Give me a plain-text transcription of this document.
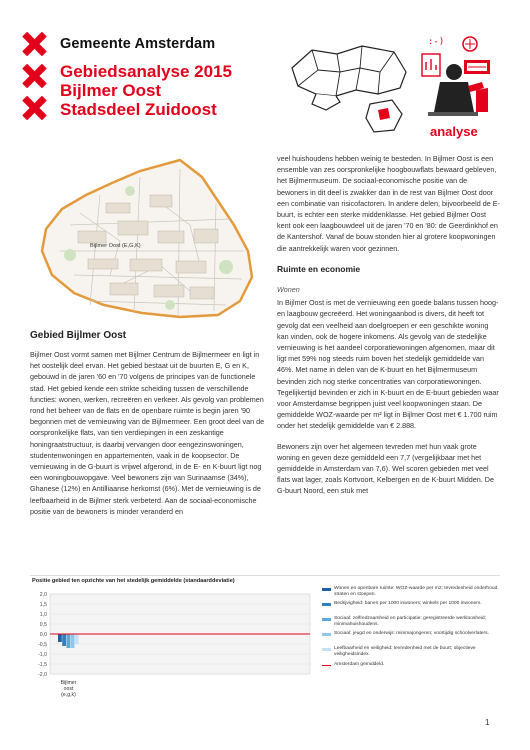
Gemeente Amsterdam
Gebiedsanalyse 2015
Bijlmer Oost
Stadsdeel Zuidoost
:-)
analyse
Bijlmer Oost (E,G,K)
Gebied Bijlmer Oost

Bijlmer Oost vormt samen met Bijlmer Centrum de Bijlmermeer en ligt in het oostelijk deel ervan. Het gebied bestaat uit de buurten E, G en K, gebouwd in de jaren '60 en '70 volgens de principes van de functionele stad. Het gebied kende een strikte scheiding tussen de verschillende functies: wonen, werken, recreëren en verkeer. Als gevolg van problemen rond het beheer van de flats en de openbare ruimte is begin jaren '90 begonnen met de vernieuwing van de Bijlmermeer. Een groot deel van de oorspronkelijke flats, van tien verdiepingen in een zeskantige honingraatstructuur, is daarbij vervangen door eengezinswoningen, studentenwoningen en appartementen, vaak in de koopsector. De vernieuwing in de G-buurt is vrijwel afgerond, in de E- en K-buurt ligt nog een woningbouwopgave. Veel bewoners zijn van Surinaamse (34%), Ghanese (12%) en Antilliaanse herkomst (6%). Met de vernieuwing is de leefbaarheid in de Bijlmer sterk verbeterd. Aan de sociaal-economische positie van de bewoners is minder veranderd en

veel huishoudens hebben weinig te besteden. In Bijlmer Oost is een ensemble van zes oorspronkelijke hoogbouwflats bewaard gebleven, het Bijlmermuseum. De sociaal-economische positie van de bewoners in dit deel is zwakker dan in de rest van Bijlmer Oost door een combinatie van risicofactoren. In andere delen, bijvoorbeeld de E-buurt, is echter een sterke middenklasse. Het gebied Bijlmer Oost kent ook een laagbouwdeel uit de jaren '70 en '80: de Geerdinkhof en de Kantershof. Vanaf de bouw stonden hier al grotere koopwoningen die aantrekkelijk waren voor gezinnen.

Ruimte en economie
Wonen

In Bijlmer Oost is met de vernieuwing een goede balans tussen hoog- en laagbouw gecreëerd. Het woningaanbod is divers, dit heeft tot gevolg dat een veelheid aan doelgroepen er een geschikte woning kan vinden, ook de hogere inkomens. Als gevolg van de stedelijke vernieuwing is het aandeel corporatiewoningen afgenomen, maar dit ligt met 59% nog steeds ruim boven het stedelijk gemiddelde van 46%. Met name in delen van de K-buurt en het Bijlmermuseum bevinden zich nog sterke concentraties van corporatiewoningen. Tegelijkertijd bevinden er zich in K-buurt en de E-buurt gebieden waar voor Amsterdamse begrippen juist veel koopwoningen staan. De gemiddelde WOZ-waarde per m² ligt in Bijlmer Oost met € 1.700 ruim onder het stedelijk gemiddelde van € 2.888.

Bewoners zijn over het algemeen tevreden met hun vaak grote woning en geven deze gemiddeld een 7,7 (vergelijkbaar met het gemiddelde in Amsterdam van 7,6). Wel scoren gebieden met veel flats wat lager, zoals Kortvoort, Kelbergen en de K-buurt Midden. De G-buurt Noord, een stuk met

Positie gebied ten opzichte van het stedelijk gemiddelde (standaarddeviatie)
2,0
1,5
1,0
0,5
0,0
-0,5
-1,0
-1,5
-2,0
Bijlmer
oost
(e,g,k)
Wonen en openbare ruimte: WOZ-waarde per m2; tevredenheid onderhoud straten en stoepen.
Bedrijvigheid: banen per 1000 inwoners; winkels per 1000 inwoners.
Sociaal: zelfredzaamheid en participatie: geregistreerde werkloosheid; minimahuishoudens.
Sociaal: jeugd en onderwijs: minimajongeren; voortijdig schoolverlaters.
Leefbaarheid en veiligheid: tevredenheid met de buurt; objectieve veiligheidsindex.
Amsterdam gemiddeld.
1
